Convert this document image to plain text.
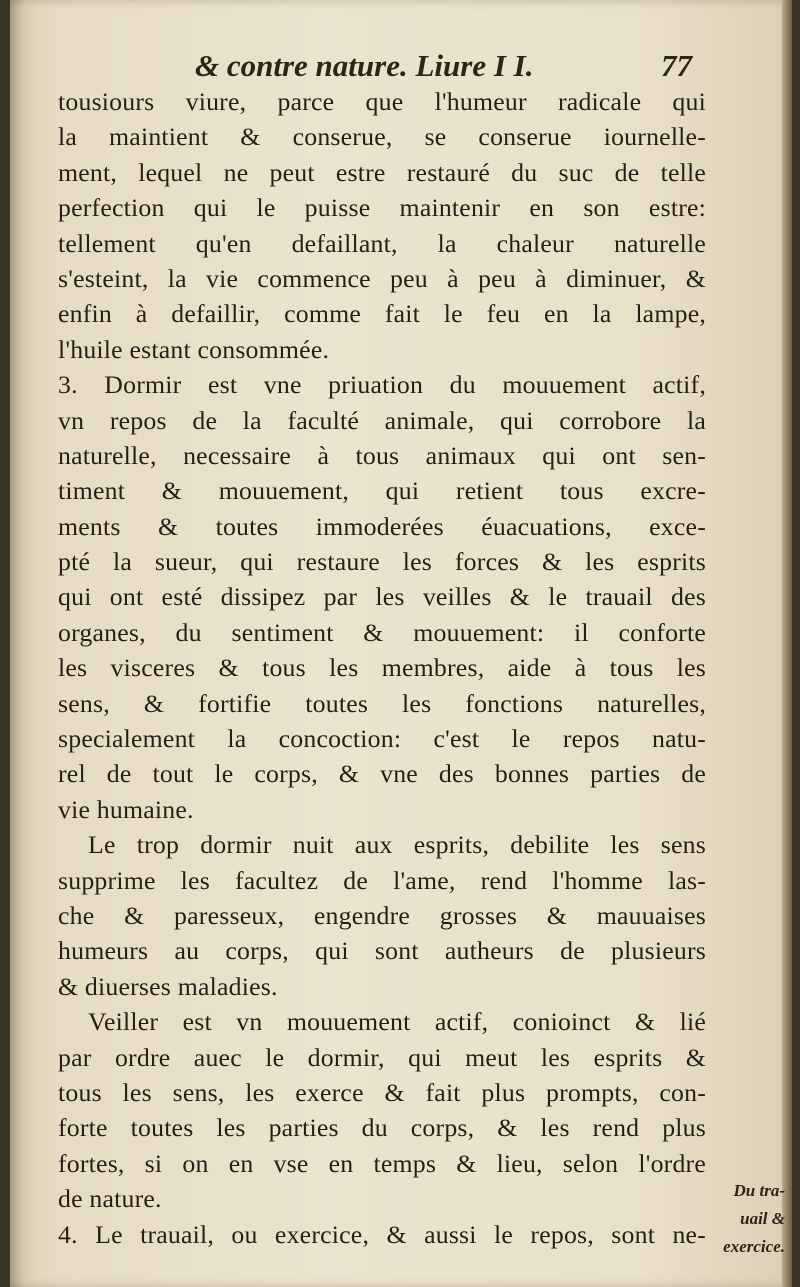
& contre nature. Liure I I.	77
tousiours viure, parce que l'humeur radicale qui
la maintient & conserue, se conserue iournelle-
ment, lequel ne peut estre restauré du suc de telle
perfection qui le puisse maintenir en son estre:
tellement qu'en defaillant, la chaleur naturelle
s'esteint, la vie commence peu à peu à diminuer, &
enfin à defaillir, comme fait le feu en la lampe,
l'huile estant consommée.
3. Dormir est vne priuation du mouuement actif,
vn repos de la faculté animale, qui corrobore la
naturelle, necessaire à tous animaux qui ont sen-
timent & mouuement, qui retient tous excre-
ments & toutes immoderées éuacuations, exce-
pté la sueur, qui restaure les forces & les esprits
qui ont esté dissipez par les veilles & le trauail des
organes, du sentiment & mouuement: il conforte
les visceres & tous les membres, aide à tous les
sens, & fortifie toutes les fonctions naturelles,
specialement la concoction: c'est le repos natu-
rel de tout le corps, & vne des bonnes parties de
vie humaine.
Le trop dormir nuit aux esprits, debilite les sens
supprime les facultez de l'ame, rend l'homme las-
che & paresseux, engendre grosses & mauuaises
humeurs au corps, qui sont autheurs de plusieurs
& diuerses maladies.
Veiller est vn mouuement actif, conioinct & lié
par ordre auec le dormir, qui meut les esprits &
tous les sens, les exerce & fait plus prompts, con-
forte toutes les parties du corps, & les rend plus
fortes, si on en vse en temps & lieu, selon l'ordre
de nature.
4. Le trauail, ou exercice, & aussi le repos, sont ne-
Du tra-
uail &
exercice.
